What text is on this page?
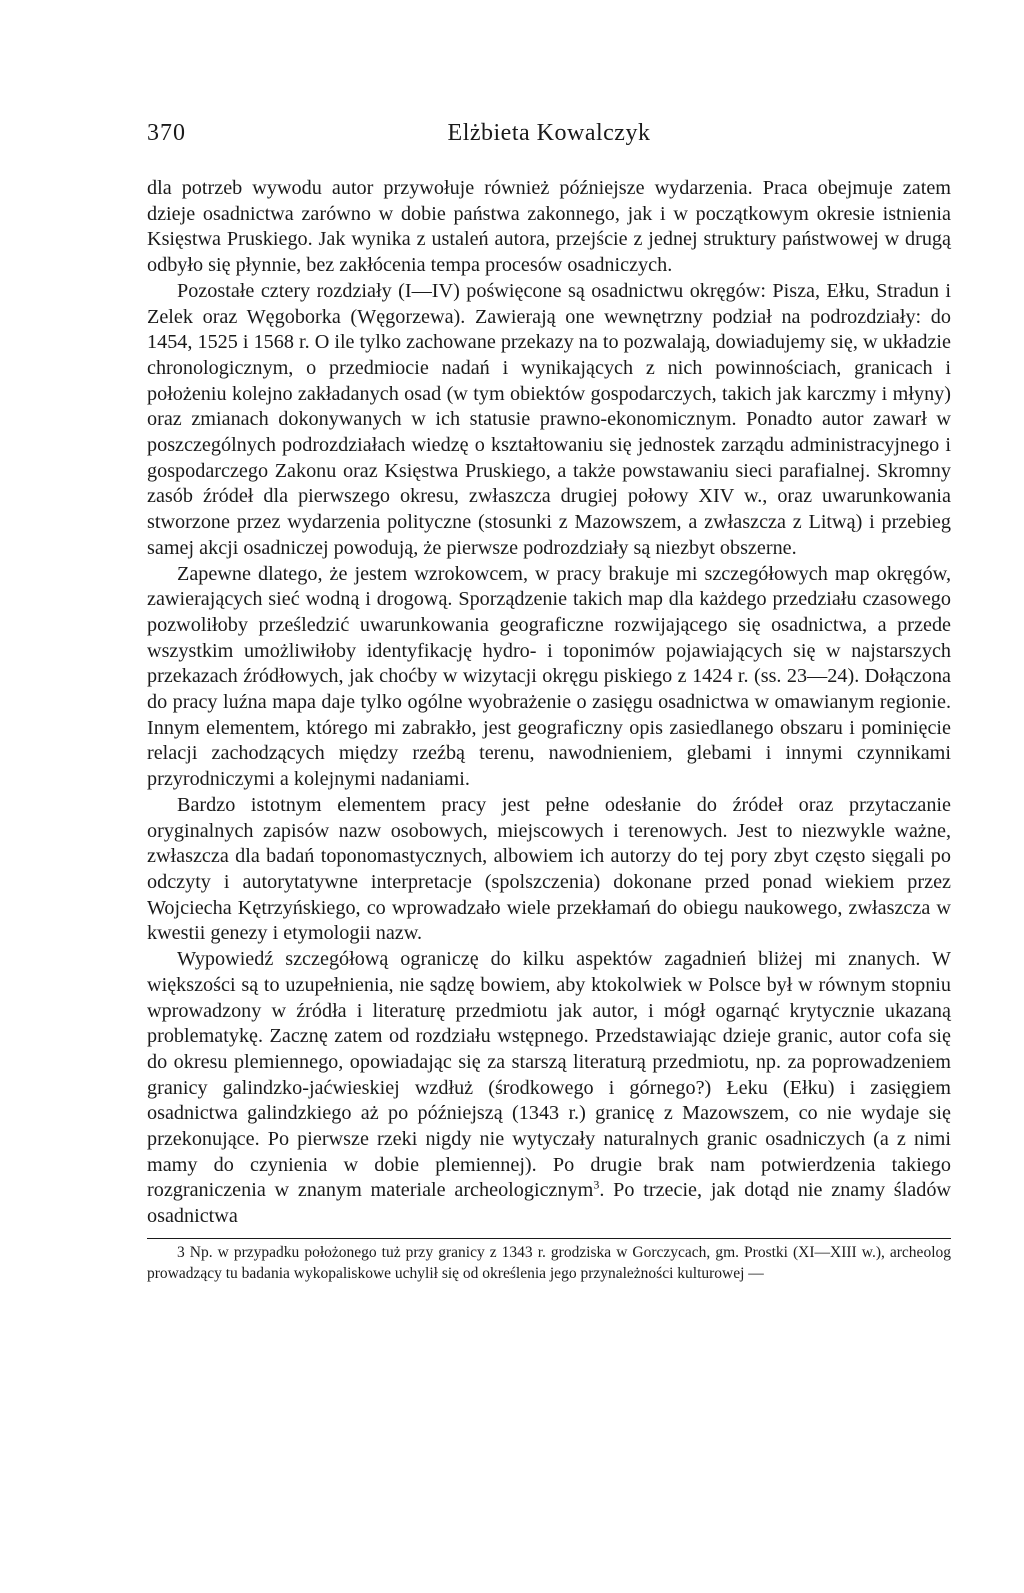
370	Elżbieta Kowalczyk

dla potrzeb wywodu autor przywołuje również późniejsze wydarzenia. Praca obejmuje zatem dzieje osadnictwa zarówno w dobie państwa zakonnego, jak i w początkowym okresie istnienia Księstwa Pruskiego. Jak wynika z ustaleń autora, przejście z jednej struktury państwowej w drugą odbyło się płynnie, bez zakłócenia tempa procesów osadniczych.

Pozostałe cztery rozdziały (I—IV) poświęcone są osadnictwu okręgów: Pisza, Ełku, Stradun i Zelek oraz Węgoborka (Węgorzewa). Zawierają one wewnętrzny podział na podrozdziały: do 1454, 1525 i 1568 r. O ile tylko zachowane przekazy na to pozwalają, dowiadujemy się, w układzie chronologicznym, o przedmiocie nadań i wynikających z nich powinnościach, granicach i położeniu kolejno zakładanych osad (w tym obiektów gospodarczych, takich jak karczmy i młyny) oraz zmianach dokonywanych w ich statusie prawno-ekonomicznym. Ponadto autor zawarł w poszczególnych podrozdziałach wiedzę o kształtowaniu się jednostek zarządu administracyjnego i gospodarczego Zakonu oraz Księstwa Pruskiego, a także powstawaniu sieci parafialnej. Skromny zasób źródeł dla pierwszego okresu, zwłaszcza drugiej połowy XIV w., oraz uwarunkowania stworzone przez wydarzenia polityczne (stosunki z Mazowszem, a zwłaszcza z Litwą) i przebieg samej akcji osadniczej powodują, że pierwsze podrozdziały są niezbyt obszerne.

Zapewne dlatego, że jestem wzrokowcem, w pracy brakuje mi szczegółowych map okręgów, zawierających sieć wodną i drogową. Sporządzenie takich map dla każdego przedziału czasowego pozwoliłoby prześledzić uwarunkowania geograficzne rozwijającego się osadnictwa, a przede wszystkim umożliwiłoby identyfikację hydro- i toponimów pojawiających się w najstarszych przekazach źródłowych, jak choćby w wizytacji okręgu piskiego z 1424 r. (ss. 23—24). Dołączona do pracy luźna mapa daje tylko ogólne wyobrażenie o zasięgu osadnictwa w omawianym regionie. Innym elementem, którego mi zabrakło, jest geograficzny opis zasiedlanego obszaru i pominięcie relacji zachodzących między rzeźbą terenu, nawodnieniem, glebami i innymi czynnikami przyrodniczymi a kolejnymi nadaniami.

Bardzo istotnym elementem pracy jest pełne odesłanie do źródeł oraz przytaczanie oryginalnych zapisów nazw osobowych, miejscowych i terenowych. Jest to niezwykle ważne, zwłaszcza dla badań toponomastycznych, albowiem ich autorzy do tej pory zbyt często sięgali po odczyty i autorytatywne interpretacje (spolszczenia) dokonane przed ponad wiekiem przez Wojciecha Kętrzyńskiego, co wprowadzało wiele przekłamań do obiegu naukowego, zwłaszcza w kwestii genezy i etymologii nazw.

Wypowiedź szczegółową ograniczę do kilku aspektów zagadnień bliżej mi znanych. W większości są to uzupełnienia, nie sądzę bowiem, aby ktokolwiek w Polsce był w równym stopniu wprowadzony w źródła i literaturę przedmiotu jak autor, i mógł ogarnąć krytycznie ukazaną problematykę. Zacznę zatem od rozdziału wstępnego. Przedstawiając dzieje granic, autor cofa się do okresu plemiennego, opowiadając się za starszą literaturą przedmiotu, np. za poprowadzeniem granicy galindzko-jaćwieskiej wzdłuż (środkowego i górnego?) Łeku (Ełku) i zasięgiem osadnictwa galindzkiego aż po późniejszą (1343 r.) granicę z Mazowszem, co nie wydaje się przekonujące. Po pierwsze rzeki nigdy nie wytyczały naturalnych granic osadniczych (a z nimi mamy do czynienia w dobie plemiennej). Po drugie brak nam potwierdzenia takiego rozgraniczenia w znanym materiale archeologicznym$^3$. Po trzecie, jak dotąd nie znamy śladów osadnictwa

3 Np. w przypadku położonego tuż przy granicy z 1343 r. grodziska w Gorczycach, gm. Prostki (XI—XIII w.), archeolog prowadzący tu badania wykopaliskowe uchylił się od określenia jego przynależności kulturowej —
